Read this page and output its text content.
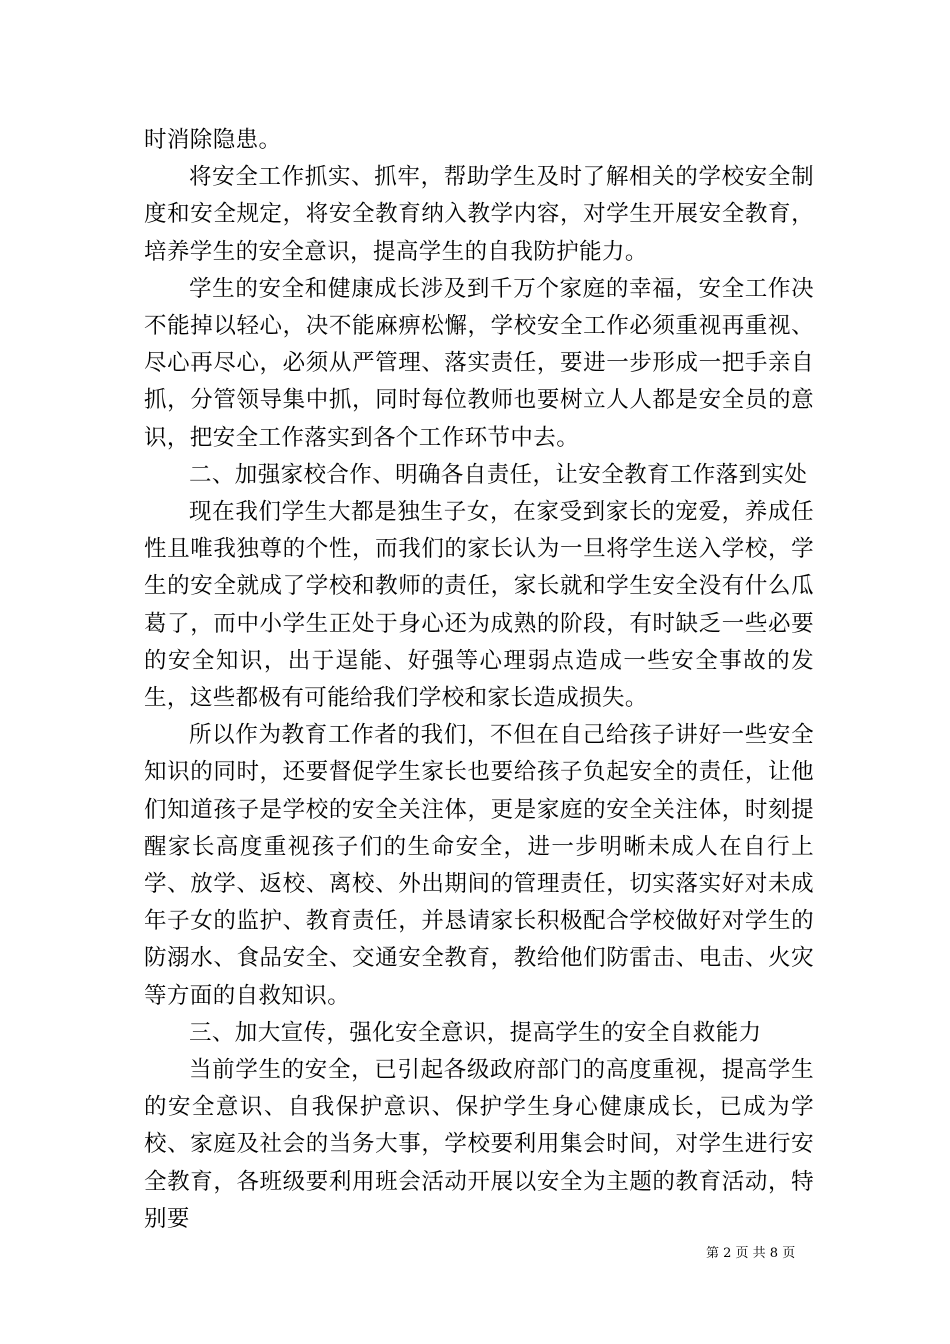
时消除隐患。

将安全工作抓实、抓牢，帮助学生及时了解相关的学校安全制度和安全规定，将安全教育纳入教学内容，对学生开展安全教育，培养学生的安全意识，提高学生的自我防护能力。

学生的安全和健康成长涉及到千万个家庭的幸福，安全工作决不能掉以轻心，决不能麻痹松懈，学校安全工作必须重视再重视、尽心再尽心，必须从严管理、落实责任，要进一步形成一把手亲自抓，分管领导集中抓，同时每位教师也要树立人人都是安全员的意识，把安全工作落实到各个工作环节中去。

二、加强家校合作、明确各自责任，让安全教育工作落到实处

现在我们学生大都是独生子女，在家受到家长的宠爱，养成任性且唯我独尊的个性，而我们的家长认为一旦将学生送入学校，学生的安全就成了学校和教师的责任，家长就和学生安全没有什么瓜葛了，而中小学生正处于身心还为成熟的阶段，有时缺乏一些必要的安全知识，出于逞能、好强等心理弱点造成一些安全事故的发生，这些都极有可能给我们学校和家长造成损失。

所以作为教育工作者的我们，不但在自己给孩子讲好一些安全知识的同时，还要督促学生家长也要给孩子负起安全的责任，让他们知道孩子是学校的安全关注体，更是家庭的安全关注体，时刻提醒家长高度重视孩子们的生命安全，进一步明晰未成人在自行上学、放学、返校、离校、外出期间的管理责任，切实落实好对未成年子女的监护、教育责任，并恳请家长积极配合学校做好对学生的防溺水、食品安全、交通安全教育，教给他们防雷击、电击、火灾等方面的自救知识。

三、加大宣传，强化安全意识，提高学生的安全自救能力

当前学生的安全，已引起各级政府部门的高度重视，提高学生的安全意识、自我保护意识、保护学生身心健康成长，已成为学校、家庭及社会的当务大事，学校要利用集会时间，对学生进行安全教育，各班级要利用班会活动开展以安全为主题的教育活动，特别要

第 2 页 共 8 页
